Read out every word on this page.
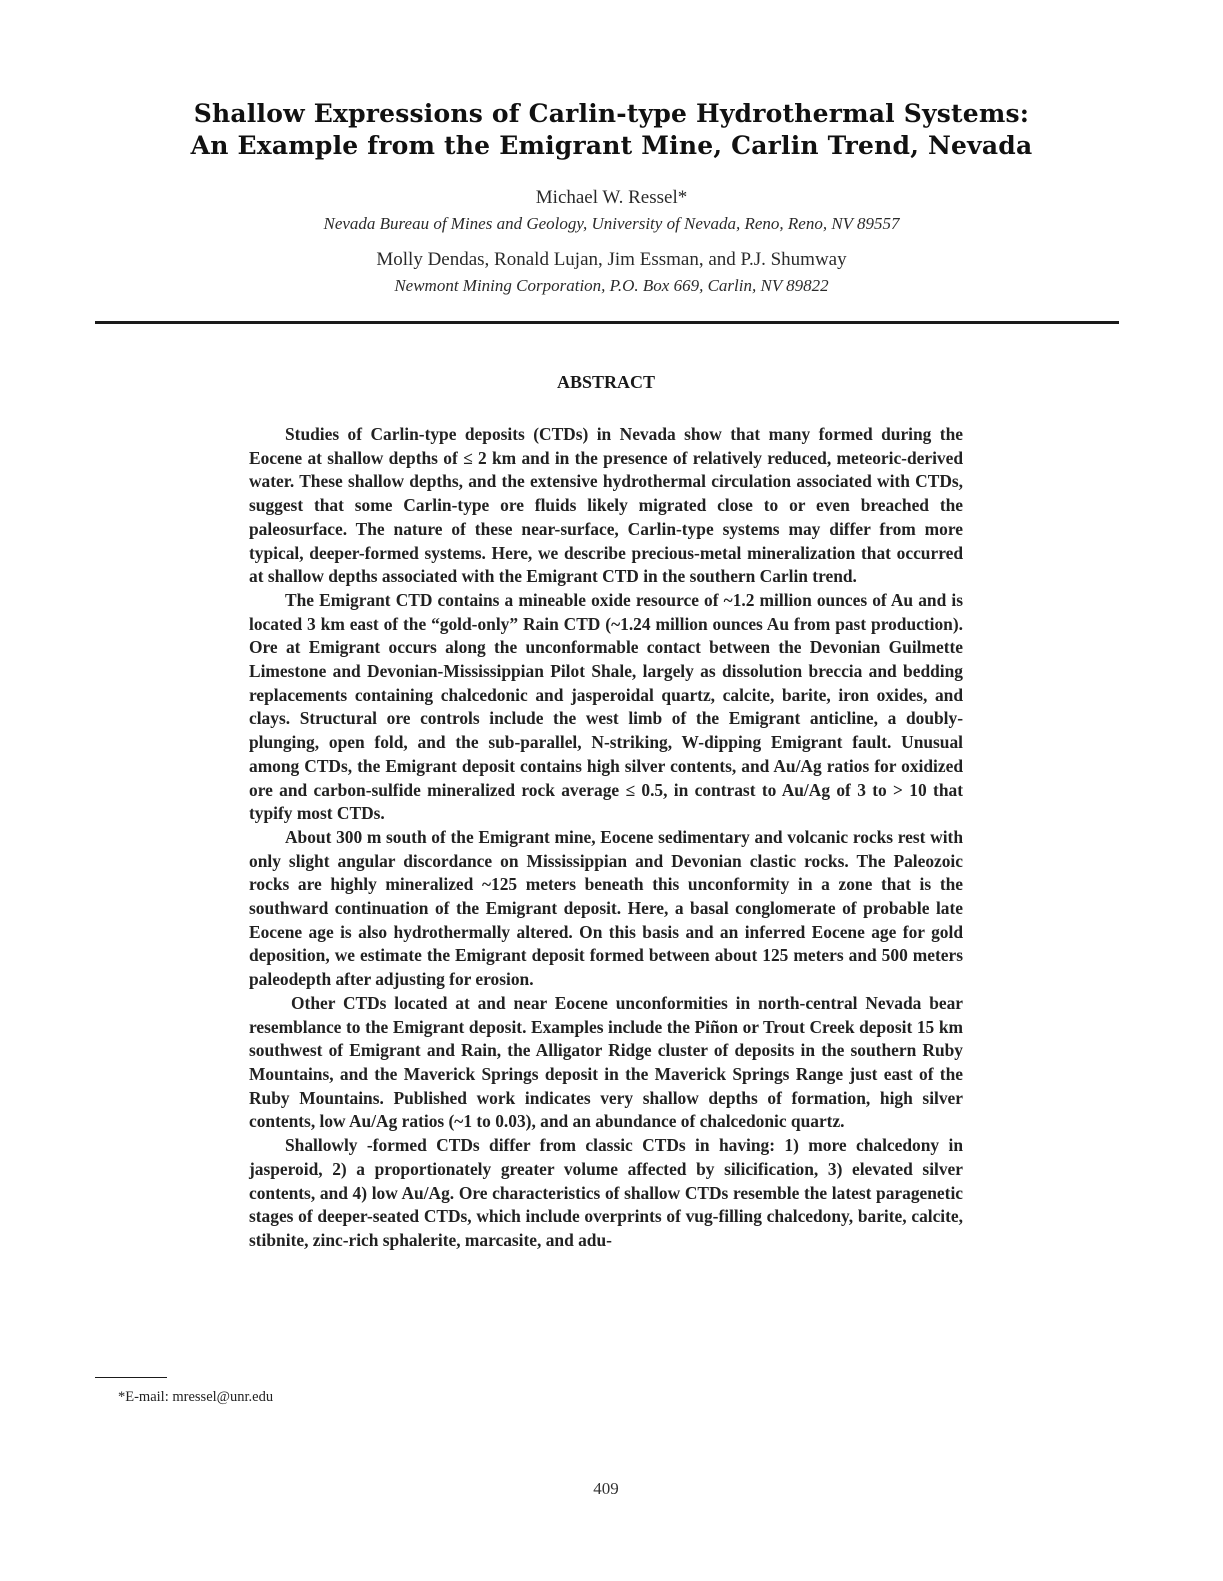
Shallow Expressions of Carlin-type Hydrothermal Systems:
An Example from the Emigrant Mine, Carlin Trend, Nevada
Michael W. Ressel*
Nevada Bureau of Mines and Geology, University of Nevada, Reno, Reno, NV 89557
Molly Dendas, Ronald Lujan, Jim Essman, and P.J. Shumway
Newmont Mining Corporation, P.O. Box 669, Carlin, NV 89822
ABSTRACT

Studies of Carlin-type deposits (CTDs) in Nevada show that many formed during the Eocene at shallow depths of ≤ 2 km and in the presence of relatively reduced, meteoric-derived water. These shallow depths, and the extensive hydrothermal circulation associated with CTDs, suggest that some Carlin-type ore fluids likely migrated close to or even breached the paleosurface. The nature of these near-surface, Carlin-type systems may differ from more typical, deeper-formed systems. Here, we describe precious-metal mineralization that occurred at shallow depths associated with the Emigrant CTD in the southern Carlin trend.

The Emigrant CTD contains a mineable oxide resource of ~1.2 million ounces of Au and is located 3 km east of the “gold-only” Rain CTD (~1.24 million ounces Au from past production). Ore at Emigrant occurs along the unconformable contact between the Devonian Guilmette Limestone and Devonian-Mississippian Pilot Shale, largely as dissolution breccia and bedding replacements containing chalcedonic and jasperoidal quartz, calcite, barite, iron oxides, and clays. Structural ore controls include the west limb of the Emigrant anticline, a doubly-plunging, open fold, and the sub-parallel, N-striking, W-dipping Emigrant fault. Unusual among CTDs, the Emigrant deposit contains high silver contents, and Au/Ag ratios for oxidized ore and carbon-sulfide mineralized rock average ≤ 0.5, in contrast to Au/Ag of 3 to > 10 that typify most CTDs.

About 300 m south of the Emigrant mine, Eocene sedimentary and volcanic rocks rest with only slight angular discordance on Mississippian and Devonian clastic rocks. The Paleozoic rocks are highly mineralized ~125 meters beneath this unconformity in a zone that is the southward continuation of the Emigrant deposit. Here, a basal conglomerate of probable late Eocene age is also hydrothermally altered. On this basis and an inferred Eocene age for gold deposition, we estimate the Emigrant deposit formed between about 125 meters and 500 meters paleodepth after adjusting for erosion.

Other CTDs located at and near Eocene unconformities in north-central Nevada bear resemblance to the Emigrant deposit. Examples include the Piñon or Trout Creek deposit 15 km southwest of Emigrant and Rain, the Alligator Ridge cluster of deposits in the southern Ruby Mountains, and the Maverick Springs deposit in the Maverick Springs Range just east of the Ruby Mountains. Published work indicates very shallow depths of formation, high silver contents, low Au/Ag ratios (~1 to 0.03), and an abundance of chalcedonic quartz.

Shallowly -formed CTDs differ from classic CTDs in having: 1) more chalcedony in jasperoid, 2) a proportionately greater volume affected by silicification, 3) elevated silver contents, and 4) low Au/Ag. Ore characteristics of shallow CTDs resemble the latest paragenetic stages of deeper-seated CTDs, which include overprints of vug-filling chalcedony, barite, calcite, stibnite, zinc-rich sphalerite, marcasite, and adu-

*E-mail: mressel@unr.edu
409
